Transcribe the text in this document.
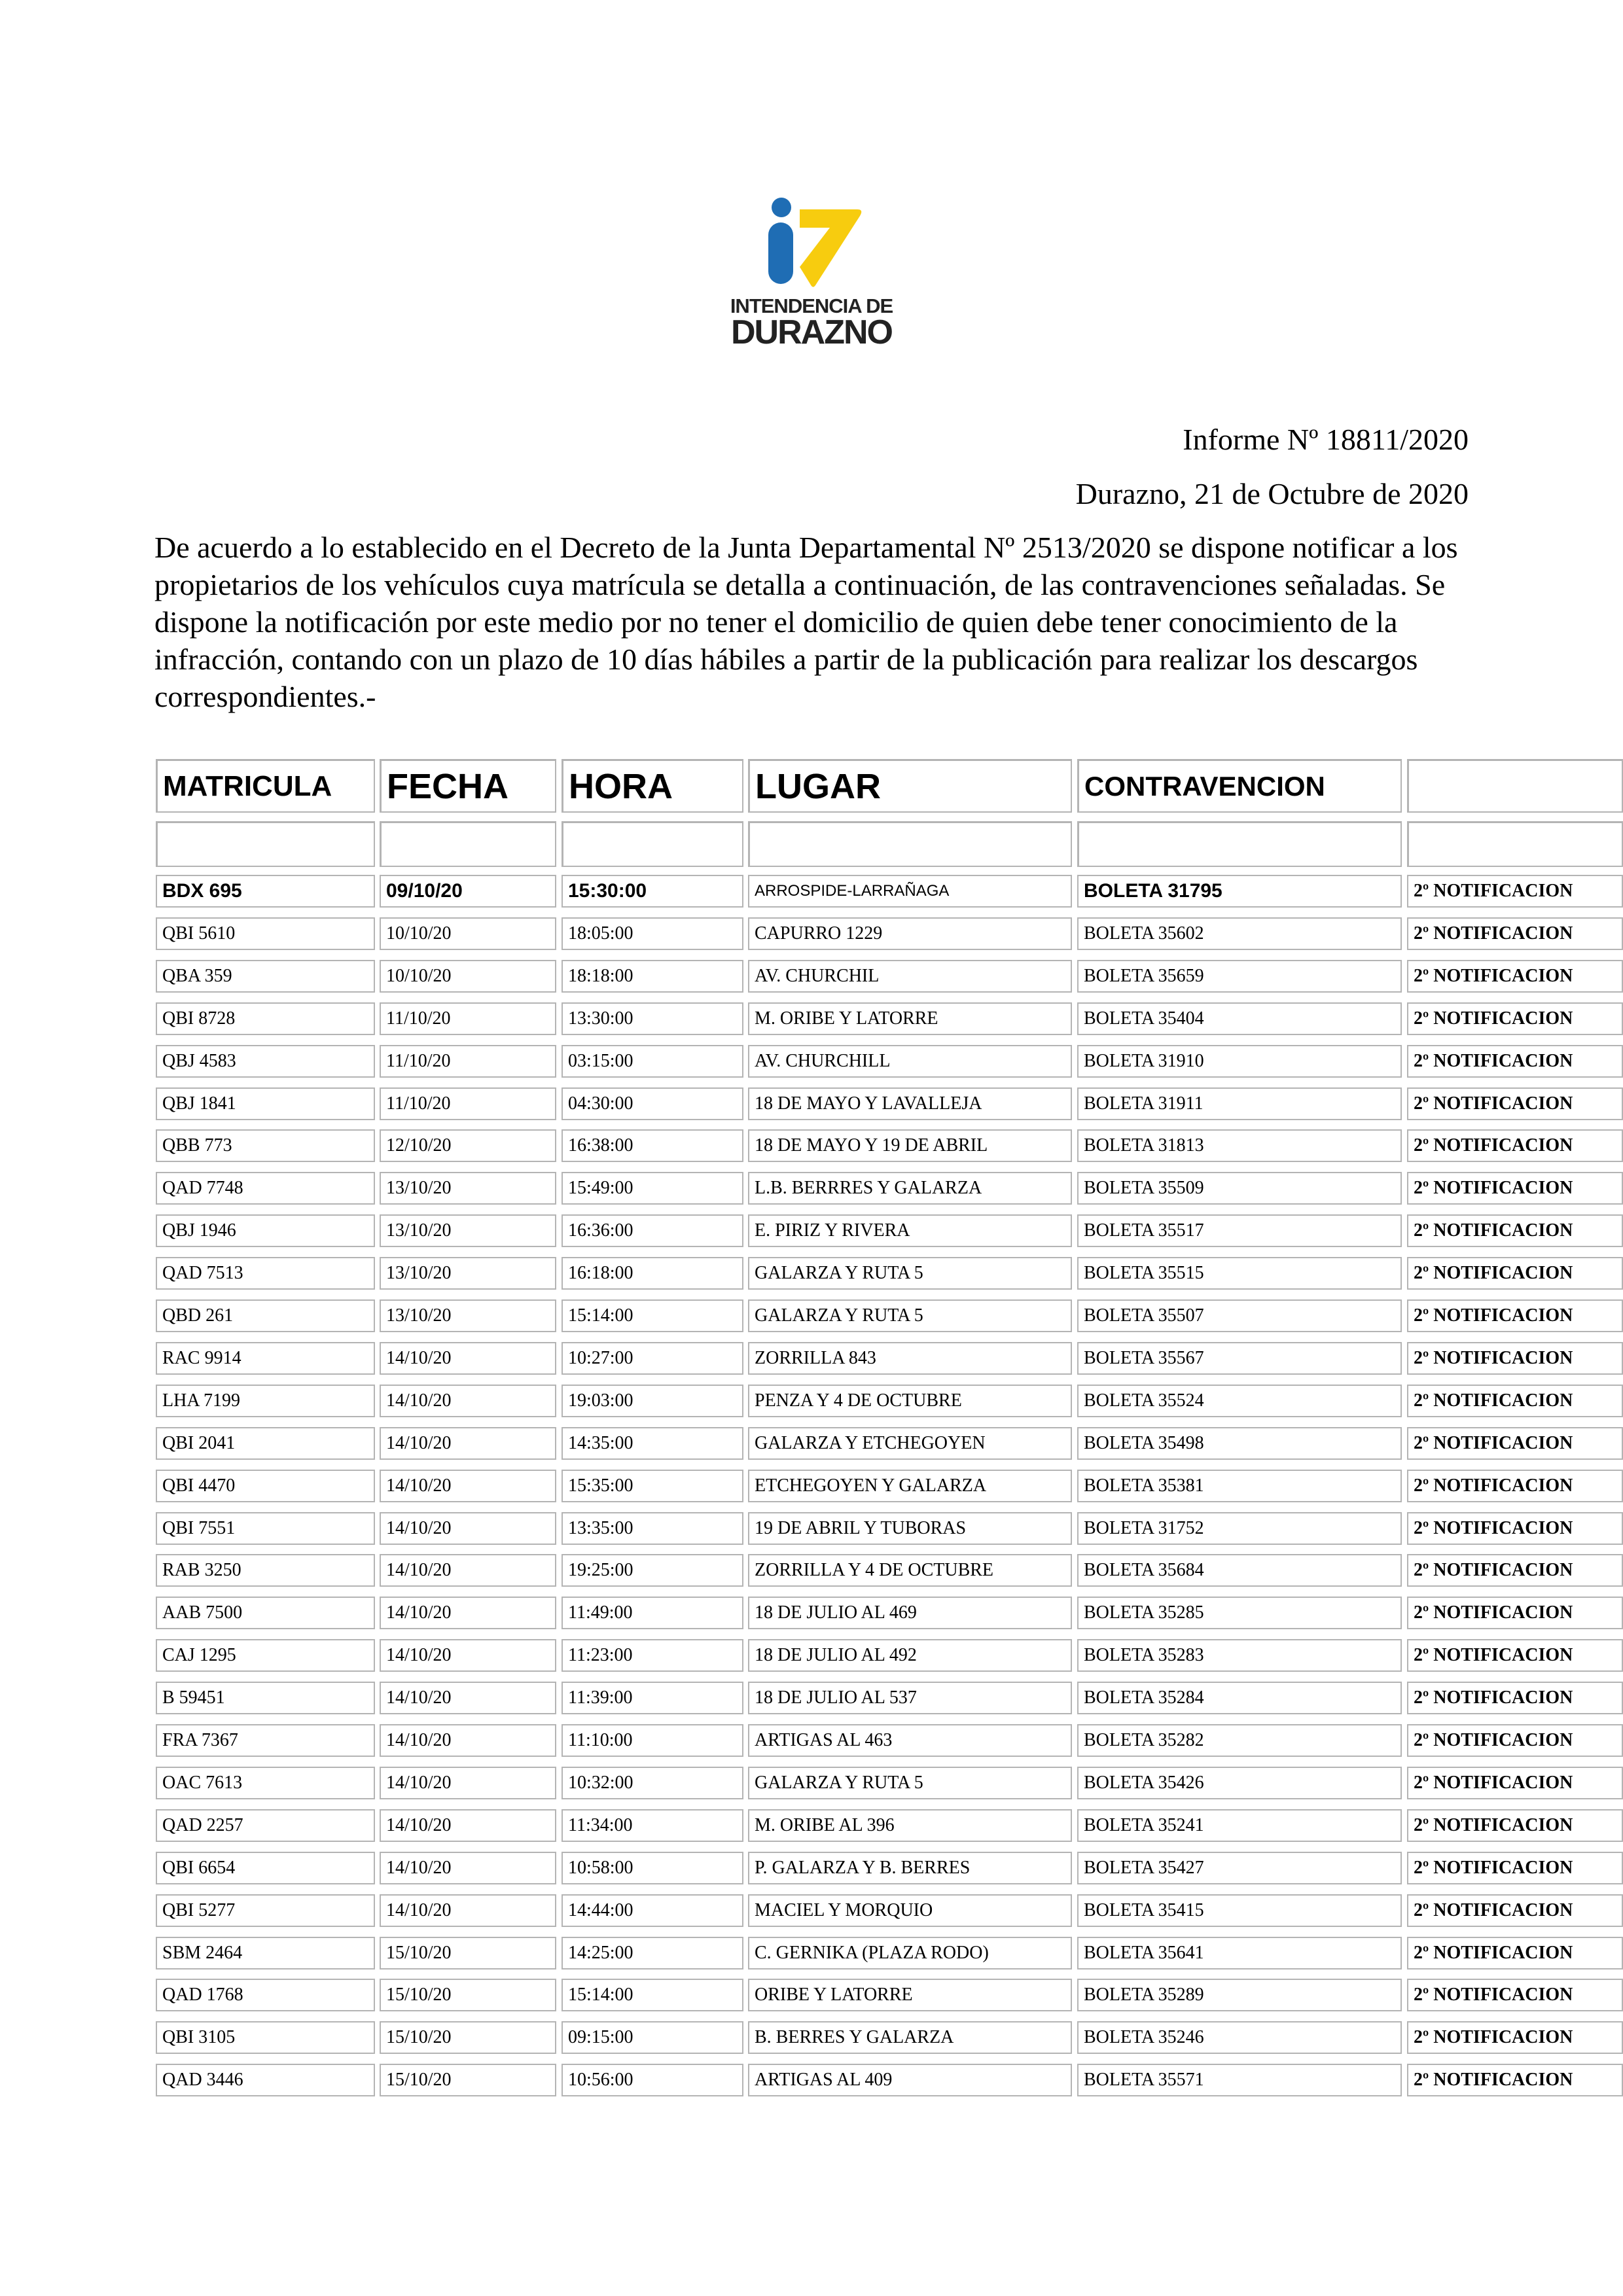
INTENDENCIA DE
DURAZNO
Informe Nº 18811/2020
Durazno, 21 de Octubre de 2020

De acuerdo a lo establecido en el Decreto de la Junta Departamental Nº 2513/2020 se dispone notificar a los propietarios de los vehículos cuya matrícula se detalla a continuación, de las contravenciones señaladas. Se dispone la notificación por este medio por no tener el domicilio de quien debe tener conocimiento de la infracción, contando con un plazo de 10 días hábiles a partir de la publicación para realizar los descargos correspondientes.-

MATRICULA	FECHA	HORA	LUGAR	CONTRAVENCION
BDX 695	09/10/20	15:30:00	ARROSPIDE-LARRAÑAGA	BOLETA 31795	2º NOTIFICACION
QBI 5610	10/10/20	18:05:00	CAPURRO 1229	BOLETA 35602	2º NOTIFICACION
QBA 359	10/10/20	18:18:00	AV. CHURCHIL	BOLETA 35659	2º NOTIFICACION
QBI 8728	11/10/20	13:30:00	M. ORIBE Y LATORRE	BOLETA 35404	2º NOTIFICACION
QBJ 4583	11/10/20	03:15:00	AV. CHURCHILL	BOLETA 31910	2º NOTIFICACION
QBJ 1841	11/10/20	04:30:00	18 DE MAYO Y LAVALLEJA	BOLETA 31911	2º NOTIFICACION
QBB 773	12/10/20	16:38:00	18 DE MAYO Y 19 DE ABRIL	BOLETA 31813	2º NOTIFICACION
QAD 7748	13/10/20	15:49:00	L.B. BERRRES Y GALARZA	BOLETA 35509	2º NOTIFICACION
QBJ 1946	13/10/20	16:36:00	E. PIRIZ Y RIVERA	BOLETA 35517	2º NOTIFICACION
QAD 7513	13/10/20	16:18:00	GALARZA Y RUTA 5	BOLETA 35515	2º NOTIFICACION
QBD 261	13/10/20	15:14:00	GALARZA Y RUTA 5	BOLETA 35507	2º NOTIFICACION
RAC 9914	14/10/20	10:27:00	ZORRILLA 843	BOLETA 35567	2º NOTIFICACION
LHA 7199	14/10/20	19:03:00	PENZA Y 4 DE OCTUBRE	BOLETA 35524	2º NOTIFICACION
QBI 2041	14/10/20	14:35:00	GALARZA Y ETCHEGOYEN	BOLETA 35498	2º NOTIFICACION
QBI 4470	14/10/20	15:35:00	ETCHEGOYEN Y GALARZA	BOLETA 35381	2º NOTIFICACION
QBI 7551	14/10/20	13:35:00	19 DE ABRIL Y TUBORAS	BOLETA 31752	2º NOTIFICACION
RAB 3250	14/10/20	19:25:00	ZORRILLA Y 4 DE OCTUBRE	BOLETA 35684	2º NOTIFICACION
AAB 7500	14/10/20	11:49:00	18 DE JULIO AL 469	BOLETA 35285	2º NOTIFICACION
CAJ 1295	14/10/20	11:23:00	18 DE JULIO AL 492	BOLETA 35283	2º NOTIFICACION
B 59451	14/10/20	11:39:00	18 DE JULIO AL 537	BOLETA 35284	2º NOTIFICACION
FRA 7367	14/10/20	11:10:00	ARTIGAS AL 463	BOLETA 35282	2º NOTIFICACION
OAC 7613	14/10/20	10:32:00	GALARZA Y RUTA 5	BOLETA 35426	2º NOTIFICACION
QAD 2257	14/10/20	11:34:00	M. ORIBE AL 396	BOLETA 35241	2º NOTIFICACION
QBI 6654	14/10/20	10:58:00	P. GALARZA Y B. BERRES	BOLETA 35427	2º NOTIFICACION
QBI 5277	14/10/20	14:44:00	MACIEL Y MORQUIO	BOLETA 35415	2º NOTIFICACION
SBM 2464	15/10/20	14:25:00	C. GERNIKA (PLAZA RODO)	BOLETA 35641	2º NOTIFICACION
QAD 1768	15/10/20	15:14:00	ORIBE Y LATORRE	BOLETA 35289	2º NOTIFICACION
QBI 3105	15/10/20	09:15:00	B. BERRES Y GALARZA	BOLETA 35246	2º NOTIFICACION
QAD 3446	15/10/20	10:56:00	ARTIGAS AL 409	BOLETA 35571	2º NOTIFICACION
